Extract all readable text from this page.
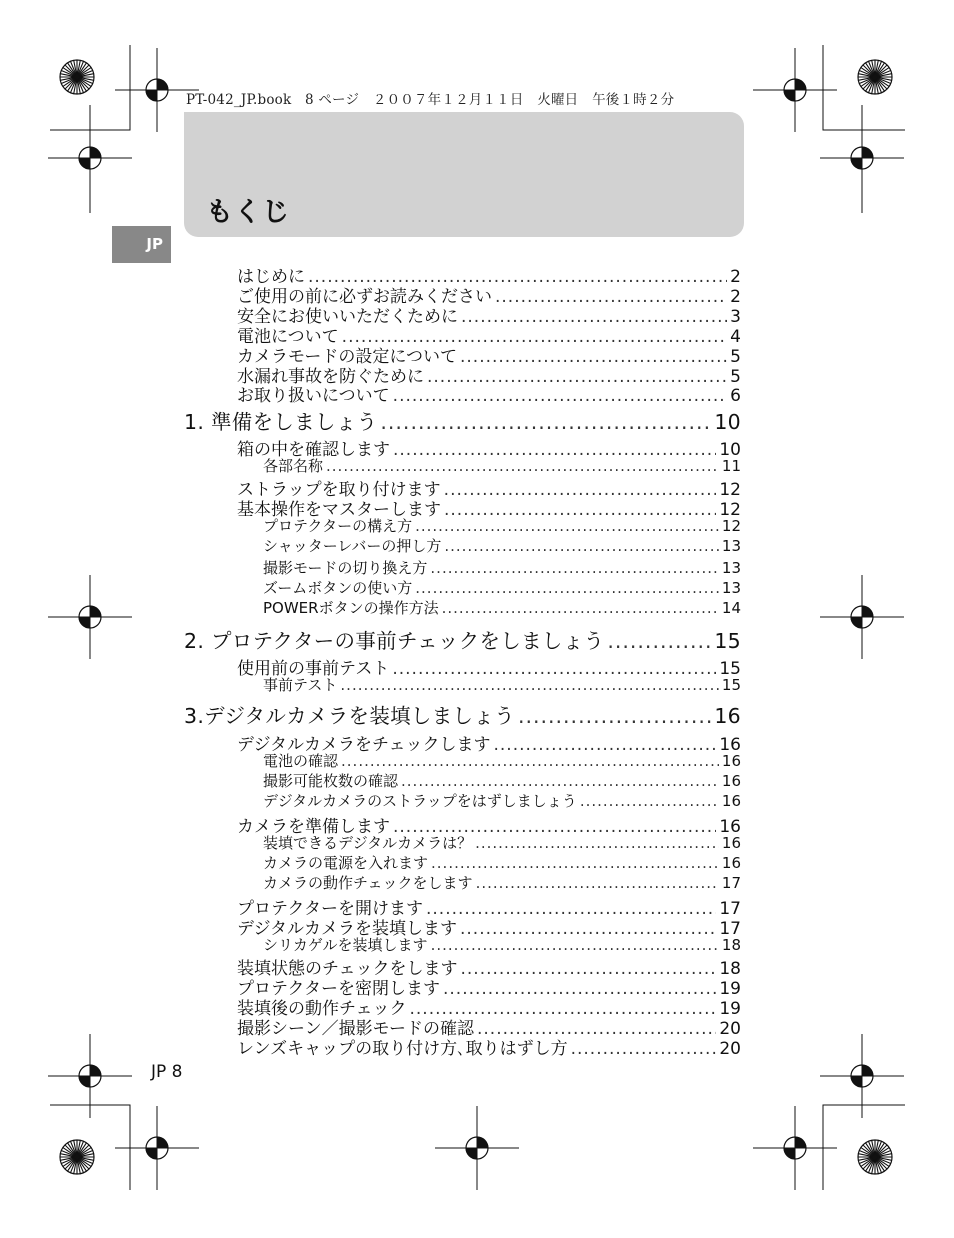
PT-042_JP.book　8 ページ　２００７年１２月１１日　火曜日　午後１時２分
もくじ
JP
はじめに .....	2
ご使用の前に必ずお読みください .....	2
安全にお使いいただくために .....	3
電池について .....	4
カメラモードの設定について .....	5
水漏れ事故を防ぐために .....	5
お取り扱いについて .....	6
1. 準備をしましょう .....	10
箱の中を確認します .....	10
各部名称 .....	11
ストラップを取り付けます .....	12
基本操作をマスターします .....	12
プロテクターの構え方 .....	12
シャッターレバーの押し方 .....	13
撮影モードの切り換え方 .....	13
ズームボタンの使い方 .....	13
POWERボタンの操作方法 .....	14
2. プロテクターの事前チェックをしましょう .....	15
使用前の事前テスト .....	15
事前テスト .....	15
3.デジタルカメラを装填しましょう .....	16
デジタルカメラをチェックします .....	16
電池の確認 .....	16
撮影可能枚数の確認 .....	16
デジタルカメラのストラップをはずしましょう .....	16
カメラを準備します .....	16
装填できるデジタルカメラは？ .....	16
カメラの電源を入れます .....	16
カメラの動作チェックをします .....	17
プロテクターを開けます .....	17
デジタルカメラを装填します .....	17
シリカゲルを装填します .....	18
装填状態のチェックをします .....	18
プロテクターを密閉します .....	19
装填後の動作チェック .....	19
撮影シーン／撮影モードの確認 .....	20
レンズキャップの取り付け方､取りはずし方 .....	20
JP 8
